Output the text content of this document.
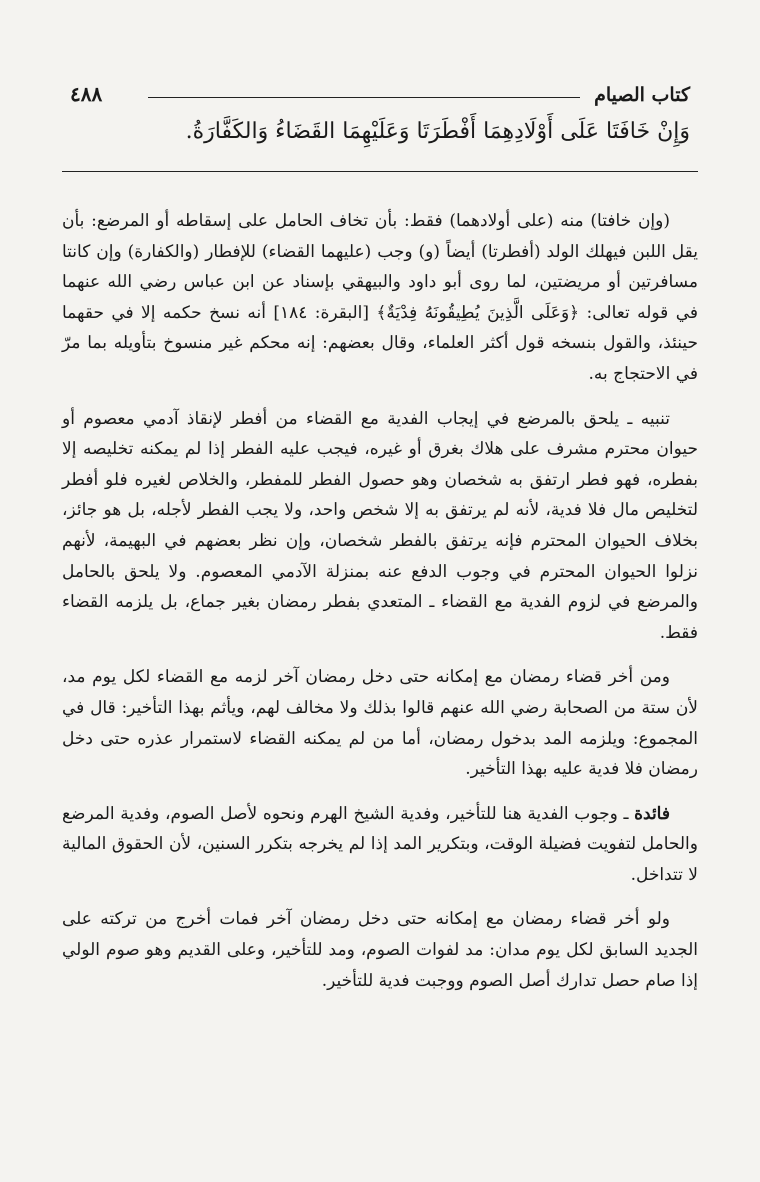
كتاب الصيام
٤٨٨
وَإِنْ خَافَتَا عَلَى أَوْلَادِهِمَا أَفْطَرَتَا وَعَلَيْهِمَا القَضَاءُ وَالكَفَّارَةُ.

(وإن خافتا) منه (على أولادهما) فقط: بأن تخاف الحامل على إسقاطه أو المرضع: بأن يقل اللبن فيهلك الولد (أفطرتا) أيضاً (و) وجب (عليهما القضاء) للإفطار (والكفارة) وإن كانتا مسافرتين أو مريضتين، لما روى أبو داود والبيهقي بإسناد عن ابن عباس رضي الله عنهما في قوله تعالى: ﴿وَعَلَى الَّذِينَ يُطِيقُونَهُ فِدْيَةٌ﴾ [البقرة: ١٨٤] أنه نسخ حكمه إلا في حقهما حينئذ، والقول بنسخه قول أكثر العلماء، وقال بعضهم: إنه محكم غير منسوخ بتأويله بما مرّ في الاحتجاج به.

تنبيه ـ يلحق بالمرضع في إيجاب الفدية مع القضاء من أفطر لإنقاذ آدمي معصوم أو حيوان محترم مشرف على هلاك بغرق أو غيره، فيجب عليه الفطر إذا لم يمكنه تخليصه إلا بفطره، فهو فطر ارتفق به شخصان وهو حصول الفطر للمفطر، والخلاص لغيره فلو أفطر لتخليص مال فلا فدية، لأنه لم يرتفق به إلا شخص واحد، ولا يجب الفطر لأجله، بل هو جائز، بخلاف الحيوان المحترم فإنه يرتفق بالفطر شخصان، وإن نظر بعضهم في البهيمة، لأنهم نزلوا الحيوان المحترم في وجوب الدفع عنه بمنزلة الآدمي المعصوم. ولا يلحق بالحامل والمرضع في لزوم الفدية مع القضاء ـ المتعدي بفطر رمضان بغير جماع، بل يلزمه القضاء فقط.

ومن أخر قضاء رمضان مع إمكانه حتى دخل رمضان آخر لزمه مع القضاء لكل يوم مد، لأن ستة من الصحابة رضي الله عنهم قالوا بذلك ولا مخالف لهم، ويأثم بهذا التأخير: قال في المجموع: ويلزمه المد بدخول رمضان، أما من لم يمكنه القضاء لاستمرار عذره حتى دخل رمضان فلا فدية عليه بهذا التأخير.

فائدة ـ وجوب الفدية هنا للتأخير، وفدية الشيخ الهرم ونحوه لأصل الصوم، وفدية المرضع والحامل لتفويت فضيلة الوقت، وبتكرير المد إذا لم يخرجه بتكرر السنين، لأن الحقوق المالية لا تتداخل.

ولو أخر قضاء رمضان مع إمكانه حتى دخل رمضان آخر فمات أخرج من تركته على الجديد السابق لكل يوم مدان: مد لفوات الصوم، ومد للتأخير، وعلى القديم وهو صوم الولي إذا صام حصل تدارك أصل الصوم ووجبت فدية للتأخير.
